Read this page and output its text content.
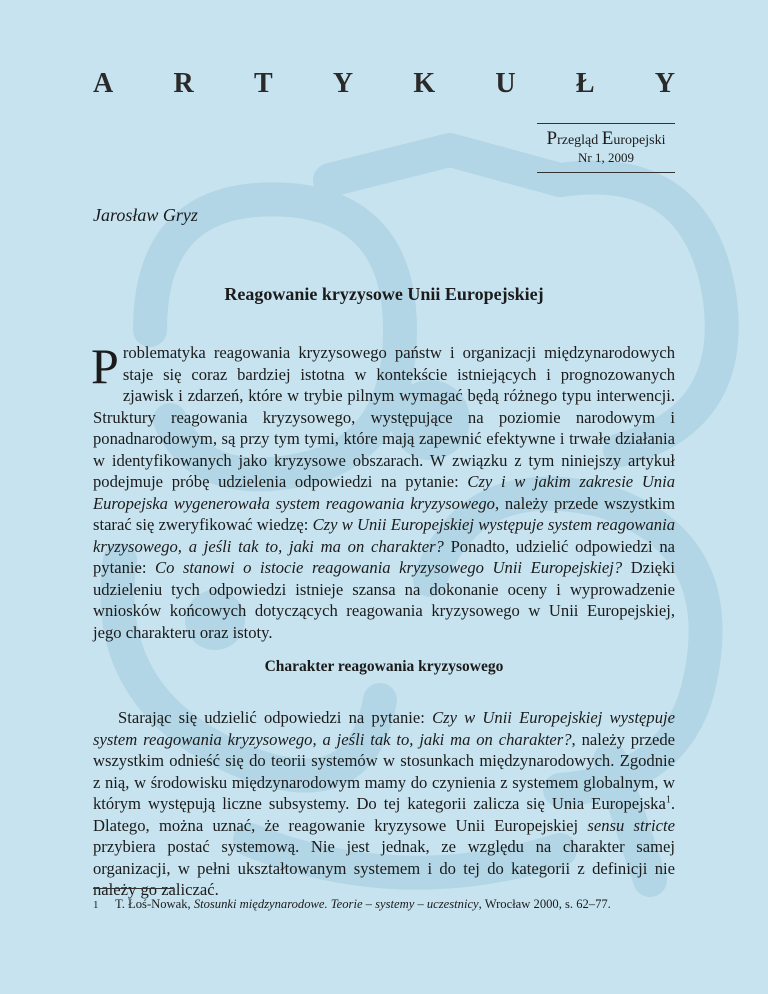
A R T Y K U Ł Y
Przegląd Europejski
Nr 1, 2009
Jarosław Gryz
Reagowanie kryzysowe Unii Europejskiej
Problematyka reagowania kryzysowego państw i organizacji międzynarodowych staje się coraz bardziej istotna w kontekście istniejących i prognozowanych zjawisk i zdarzeń, które w trybie pilnym wymagać będą różnego typu interwencji. Struktury reagowania kryzysowego, występujące na poziomie narodowym i ponadnarodowym, są przy tym tymi, które mają zapewnić efektywne i trwałe działania w identyfikowanych jako kryzysowe obszarach. W związku z tym niniejszy artykuł podejmuje próbę udzielenia odpowiedzi na pytanie: Czy i w jakim zakresie Unia Europejska wygenerowała system reagowania kryzysowego, należy przede wszystkim starać się zweryfikować wiedzę: Czy w Unii Europejskiej występuje system reagowania kryzysowego, a jeśli tak to, jaki ma on charakter? Ponadto, udzielić odpowiedzi na pytanie: Co stanowi o istocie reagowania kryzysowego Unii Europejskiej? Dzięki udzieleniu tych odpowiedzi istnieje szansa na dokonanie oceny i wyprowadzenie wniosków końcowych dotyczących reagowania kryzysowego w Unii Europejskiej, jego charakteru oraz istoty.
Charakter reagowania kryzysowego
Starając się udzielić odpowiedzi na pytanie: Czy w Unii Europejskiej występuje system reagowania kryzysowego, a jeśli tak to, jaki ma on charakter?, należy przede wszystkim odnieść się do teorii systemów w stosunkach międzynarodowych. Zgodnie z nią, w środowisku międzynarodowym mamy do czynienia z systemem globalnym, w którym występują liczne subsystemy. Do tej kategorii zalicza się Unia Europejska$^1$. Dlatego, można uznać, że reagowanie kryzysowe Unii Europejskiej sensu stricte przybiera postać systemową. Nie jest jednak, ze względu na charakter samej organizacji, w pełni ukształtowanym systemem i do tej do kategorii z definicji nie należy go zaliczać.
1 T. Łoś-Nowak, Stosunki międzynarodowe. Teorie – systemy – uczestnicy, Wrocław 2000, s. 62–77.
